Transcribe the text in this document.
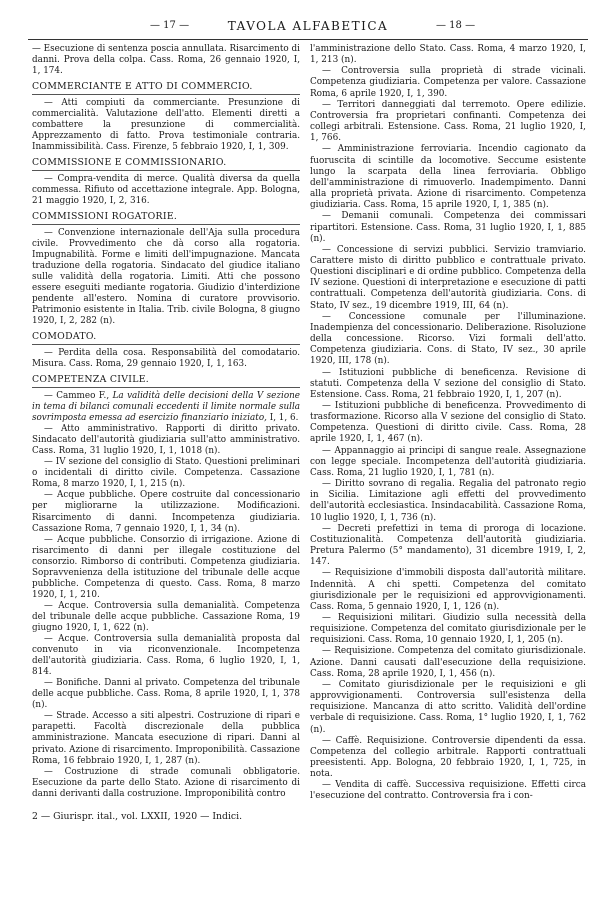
— 17 —	TAVOLA ALFABETICA	— 18 —

— Esecuzione di sentenza poscia annullata. Risarcimento di danni. Prova della colpa. Cass. Roma, 26 gennaio 1920, I, 1, 174.

COMMERCIANTE E ATTO DI COMMERCIO.

— Atti compiuti da commerciante. Presunzione di commercialità. Valutazione dell'atto. Elementi diretti a combattere la presunzione di commercialità. Apprezzamento di fatto. Prova testimoniale contraria. Inammissibilità. Cass. Firenze, 5 febbraio 1920, I, 1, 309.

COMMISSIONE E COMMISSIONARIO.

— Compra-vendita di merce. Qualità diversa da quella commessa. Rifiuto od accettazione integrale. App. Bologna, 21 maggio 1920, I, 2, 316.

COMMISSIONI ROGATORIE.

— Convenzione internazionale dell'Aja sulla procedura civile. Provvedimento che dà corso alla rogatoria. Impugnabilità. Forme e limiti dell'impugnazione. Mancata traduzione della rogatoria. Sindacato del giudice italiano sulle validità della rogatoria. Limiti. Atti che possono essere eseguiti mediante rogatoria. Giudizio d'interdizione pendente all'estero. Nomina di curatore provvisorio. Patrimonio esistente in Italia. Trib. civile Bologna, 8 giugno 1920, I, 2, 282 (n).

COMODATO.

— Perdita della cosa. Responsabilità del comodatario. Misura. Cass. Roma, 29 gennaio 1920, I, 1, 163.

COMPETENZA CIVILE.

— Cammeo F., La validità delle decisioni della V sezione in tema di bilanci comunali eccedenti il limite normale sulla sovrimposta emessa ad esercizio finanziario iniziato, I, 1, 6.

— Atto amministrativo. Rapporti di diritto privato. Sindacato dell'autorità giudiziaria sull'atto amministrativo. Cass. Roma, 31 luglio 1920, I, 1, 1018 (n).

— IV sezione del consiglio di Stato. Questioni preliminari o incidentali di diritto civile. Competenza. Cassazione Roma, 8 marzo 1920, I, 1, 215 (n).

— Acque pubbliche. Opere costruite dal concessionario per migliorarne la utilizzazione. Modificazioni. Risarcimento di danni. Incompetenza giudiziaria. Cassazione Roma, 7 gennaio 1920, I, 1, 34 (n).

— Acque pubbliche. Consorzio di irrigazione. Azione di risarcimento di danni per illegale costituzione del consorzio. Rimborso di contributi. Competenza giudiziaria. Sopravvenienza della istituzione del tribunale delle acque pubbliche. Competenza di questo. Cass. Roma, 8 marzo 1920, I, 1, 210.

— Acque. Controversia sulla demanialità. Competenza del tribunale delle acque pubbliche. Cassazione Roma, 19 giugno 1920, I, 1, 622 (n).

— Acque. Controversia sulla demanialità proposta dal convenuto in via riconvenzionale. Incompetenza dell'autorità giudiziaria. Cass. Roma, 6 luglio 1920, I, 1, 814.

— Bonifiche. Danni al privato. Competenza del tribunale delle acque pubbliche. Cass. Roma, 8 aprile 1920, I, 1, 378 (n).

— Strade. Accesso a siti alpestri. Costruzione di ripari e parapetti. Facoltà discrezionale della pubblica amministrazione. Mancata esecuzione di ripari. Danni al privato. Azione di risarcimento. Improponibilità. Cassazione Roma, 16 febbraio 1920, I, 1, 287 (n).

— Costruzione di strade comunali obbligatorie. Esecuzione da parte dello Stato. Azione di risarcimento di danni derivanti dalla costruzione. Improponibilità contro

l'amministrazione dello Stato. Cass. Roma, 4 marzo 1920, I, 1, 213 (n).

— Controversia sulla proprietà di strade vicinali. Competenza giudiziaria. Competenza per valore. Cassazione Roma, 6 aprile 1920, I, 1, 390.

— Territori danneggiati dal terremoto. Opere edilizie. Controversia fra proprietari confinanti. Competenza dei collegi arbitrali. Estensione. Cass. Roma, 21 luglio 1920, I, 1, 766.

— Amministrazione ferroviaria. Incendio cagionato da fuoruscita di scintille da locomotive. Seccume esistente lungo la scarpata della linea ferroviaria. Obbligo dell'amministrazione di rimuoverlo. Inadempimento. Danni alla proprietà privata. Azione di risarcimento. Competenza giudiziaria. Cass. Roma, 15 aprile 1920, I, 1, 385 (n).

— Demanii comunali. Competenza dei commissari ripartitori. Estensione. Cass. Roma, 31 luglio 1920, I, 1, 885 (n).

— Concessione di servizi pubblici. Servizio tramviario. Carattere misto di diritto pubblico e contrattuale privato. Questioni disciplinari e di ordine pubblico. Competenza della IV sezione. Questioni di interpretazione e esecuzione di patti contrattuali. Competenza dell'autorità giudiziaria. Cons. di Stato, IV sez., 19 dicembre 1919, III, 64 (n).

— Concessione comunale per l'illuminazione. Inadempienza del concessionario. Deliberazione. Risoluzione della concessione. Ricorso. Vizi formali dell'atto. Competenza giudiziaria. Cons. di Stato, IV sez., 30 aprile 1920, III, 178 (n).

— Istituzioni pubbliche di beneficenza. Revisione di statuti. Competenza della V sezione del consiglio di Stato. Estensione. Cass. Roma, 21 febbraio 1920, I, 1, 207 (n).

— Istituzioni pubbliche di beneficenza. Provvedimento di trasformazione. Ricorso alla V sezione del consiglio di Stato. Competenza. Questioni di diritto civile. Cass. Roma, 28 aprile 1920, I, 1, 467 (n).

— Appannaggio ai principi di sangue reale. Assegnazione con legge speciale. Incompetenza dell'autorità giudiziaria. Cass. Roma, 21 luglio 1920, I, 1, 781 (n).

— Diritto sovrano di regalia. Regalia del patronato regio in Sicilia. Limitazione agli effetti del provvedimento dell'autorità ecclesiastica. Insindacabilità. Cassazione Roma, 10 luglio 1920, I, 1, 736 (n).

— Decreti prefettizi in tema di proroga di locazione. Costituzionalità. Competenza dell'autorità giudiziaria. Pretura Palermo (5° mandamento), 31 dicembre 1919, I, 2, 147.

— Requisizione d'immobili disposta dall'autorità militare. Indennità. A chi spetti. Competenza del comitato giurisdizionale per le requisizioni ed approvvigionamenti. Cass. Roma, 5 gennaio 1920, I, 1, 126 (n).

— Requisizioni militari. Giudizio sulla necessità della requisizione. Competenza del comitato giurisdizionale per le requisizioni. Cass. Roma, 10 gennaio 1920, I, 1, 205 (n).

— Requisizione. Competenza del comitato giurisdizionale. Azione. Danni causati dall'esecuzione della requisizione. Cass. Roma, 28 aprile 1920, I, 1, 456 (n).

— Comitato giurisdizionale per le requisizioni e gli approvvigionamenti. Controversia sull'esistenza della requisizione. Mancanza di atto scritto. Validità dell'ordine verbale di requisizione. Cass. Roma, 1° luglio 1920, I, 1, 762 (n).

— Caffè. Requisizione. Controversie dipendenti da essa. Competenza del collegio arbitrale. Rapporti contrattuali preesistenti. App. Bologna, 20 febbraio 1920, I, 1, 725, in nota.

— Vendita di caffè. Successiva requisizione. Effetti circa l'esecuzione del contratto. Controversia fra i con-

2 — Giurispr. ital., vol. LXXII, 1920 — Indici.
